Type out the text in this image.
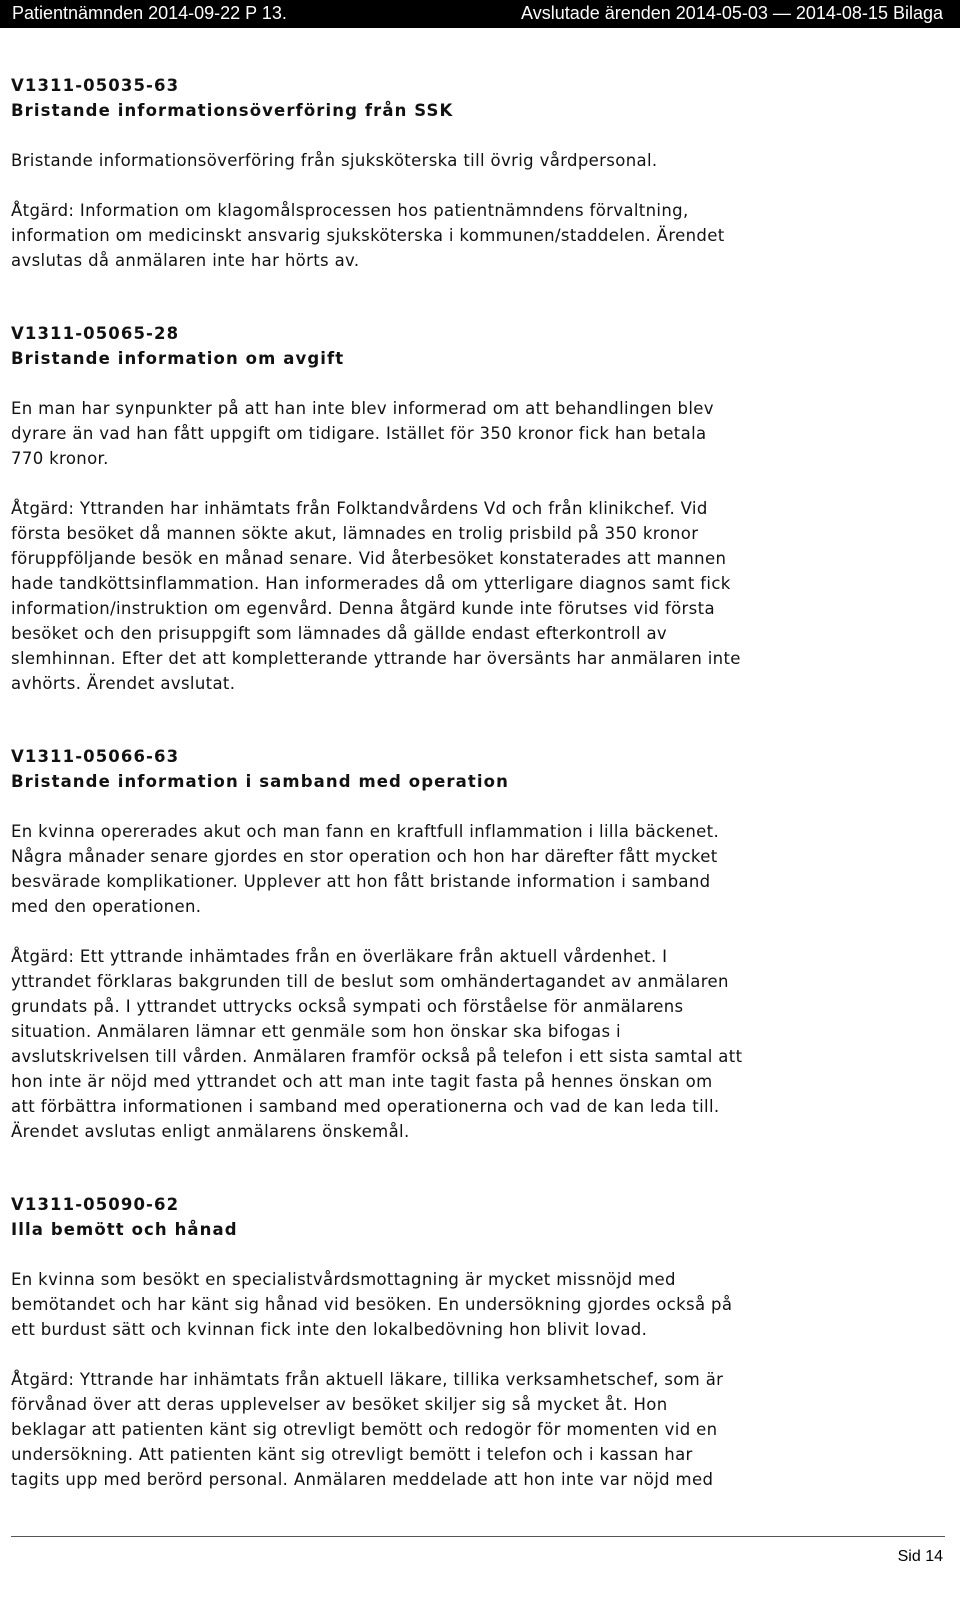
Patientnämnden 2014-09-22 P 13.	Avslutade ärenden 2014-05-03 — 2014-08-15 Bilaga
V1311-05035-63
Bristande informationsöverföring från SSK

Bristande informationsöverföring från sjuksköterska till övrig vårdpersonal.

Åtgärd: Information om klagomålsprocessen hos patientnämndens förvaltning,
information om medicinskt ansvarig sjuksköterska i kommunen/staddelen. Ärendet
avslutas då anmälaren inte har hörts av.

V1311-05065-28
Bristande information om avgift

En man har synpunkter på att han inte blev informerad om att behandlingen blev
dyrare än vad han fått uppgift om tidigare. Istället för 350 kronor fick han betala
770 kronor.

Åtgärd: Yttranden har inhämtats från Folktandvårdens Vd och från klinikchef. Vid
första besöket då mannen sökte akut, lämnades en trolig prisbild på 350 kronor
föruppföljande besök en månad senare. Vid återbesöket konstaterades att mannen
hade tandköttsinflammation. Han informerades då om ytterligare diagnos samt fick
information/instruktion om egenvård. Denna åtgärd kunde inte förutses vid första
besöket och den prisuppgift som lämnades då gällde endast efterkontroll av
slemhinnan. Efter det att kompletterande yttrande har översänts har anmälaren inte
avhörts. Ärendet avslutat.

V1311-05066-63
Bristande information i samband med operation

En kvinna opererades akut och man fann en kraftfull inflammation i lilla bäckenet.
Några månader senare gjordes en stor operation och hon har därefter fått mycket
besvärade komplikationer. Upplever att hon fått bristande information i samband
med den operationen.

Åtgärd: Ett yttrande inhämtades från en överläkare från aktuell vårdenhet. I
yttrandet förklaras bakgrunden till de beslut som omhändertagandet av anmälaren
grundats på. I yttrandet uttrycks också sympati och förståelse för anmälarens
situation. Anmälaren lämnar ett genmäle som hon önskar ska bifogas i
avslutskrivelsen till vården. Anmälaren framför också på telefon i ett sista samtal att
hon inte är nöjd med yttrandet och att man inte tagit fasta på hennes önskan om
att förbättra informationen i samband med operationerna och vad de kan leda till.
Ärendet avslutas enligt anmälarens önskemål.

V1311-05090-62
Illa bemött och hånad

En kvinna som besökt en specialistvårdsmottagning är mycket missnöjd med
bemötandet och har känt sig hånad vid besöken. En undersökning gjordes också på
ett burdust sätt och kvinnan fick inte den lokalbedövning hon blivit lovad.

Åtgärd: Yttrande har inhämtats från aktuell läkare, tillika verksamhetschef, som är
förvånad över att deras upplevelser av besöket skiljer sig så mycket åt. Hon
beklagar att patienten känt sig otrevligt bemött och redogör för momenten vid en
undersökning. Att patienten känt sig otrevligt bemött i telefon och i kassan har
tagits upp med berörd personal. Anmälaren meddelade att hon inte var nöjd med

Sid 14
